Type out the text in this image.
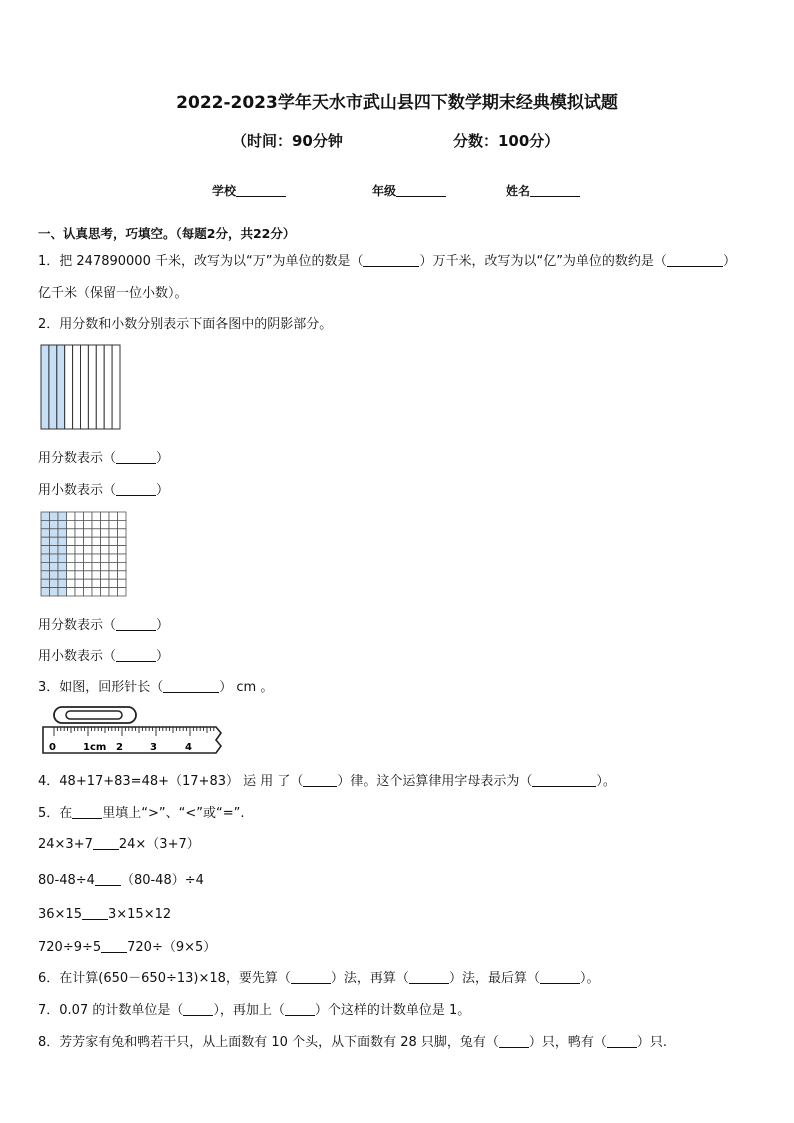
2022-2023学年天水市武山县四下数学期末经典模拟试题
（时间：90分钟	分数：100分）
学校	年级	姓名
一、认真思考，巧填空。（每题2分，共22分）
1．把 247890000 千米，改写为以“万”为单位的数是（	）万千米，改写为以“亿”为单位的数约是（	）
亿千米（保留一位小数）。
2．用分数和小数分别表示下面各图中的阴影部分。
用分数表示（	）
用小数表示（	）
用分数表示（	）
用小数表示（	）
3．如图，回形针长（	） cm 。
0	1cm 2	3	4
4．48+17+83=48+（17+83） 运 用 了（	）律。这个运算律用字母表示为（	）。
5．在 里填上“>”、“<”或“=”.
24×3+7 24×（3+7）
80-48÷4 （80-48）÷4
36×15 3×15×12
720÷9÷5 720÷（9×5）
6．在计算(650－650÷13)×18，要先算（	）法，再算（	）法，最后算（	）。
7．0.07 的计数单位是（ ），再加上（ ）个这样的计数单位是 1。
8．芳芳家有兔和鸭若干只，从上面数有 10 个头，从下面数有 28 只脚，兔有（ ）只，鸭有（ ）只.
